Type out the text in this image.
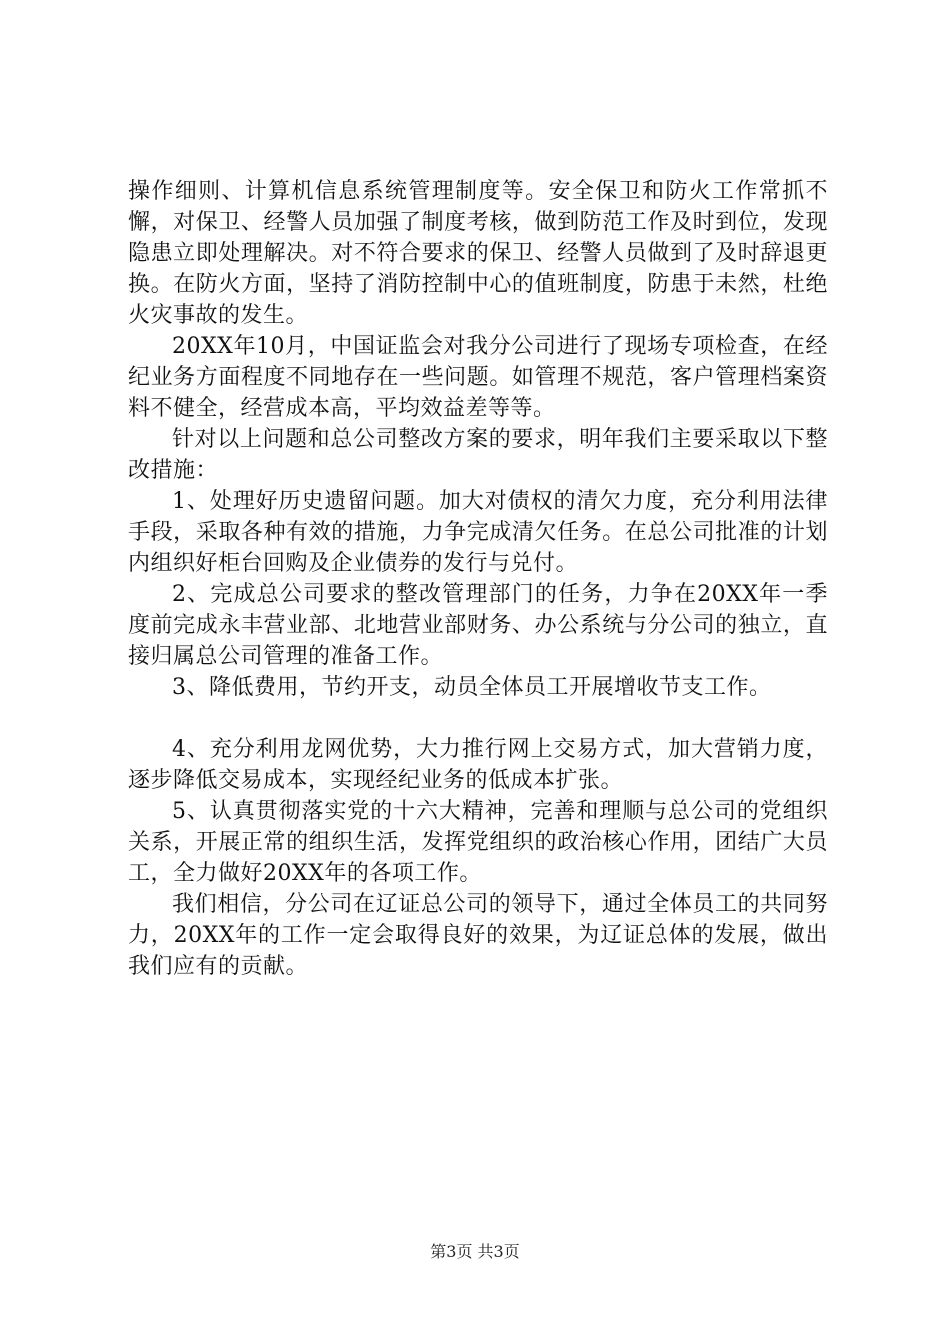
操作细则、计算机信息系统管理制度等。安全保卫和防火工作常抓不懈，对保卫、经警人员加强了制度考核，做到防范工作及时到位，发现隐患立即处理解决。对不符合要求的保卫、经警人员做到了及时辞退更换。在防火方面，坚持了消防控制中心的值班制度，防患于未然，杜绝火灾事故的发生。

20XX年10月，中国证监会对我分公司进行了现场专项检查，在经纪业务方面程度不同地存在一些问题。如管理不规范，客户管理档案资料不健全，经营成本高，平均效益差等等。

针对以上问题和总公司整改方案的要求，明年我们主要采取以下整改措施：

1、处理好历史遗留问题。加大对债权的清欠力度，充分利用法律手段，采取各种有效的措施，力争完成清欠任务。在总公司批准的计划内组织好柜台回购及企业债券的发行与兑付。

2、完成总公司要求的整改管理部门的任务，力争在20XX年一季度前完成永丰营业部、北地营业部财务、办公系统与分公司的独立，直接归属总公司管理的准备工作。

3、降低费用，节约开支，动员全体员工开展增收节支工作。

4、充分利用龙网优势，大力推行网上交易方式，加大营销力度，逐步降低交易成本，实现经纪业务的低成本扩张。

5、认真贯彻落实党的十六大精神，完善和理顺与总公司的党组织关系，开展正常的组织生活，发挥党组织的政治核心作用，团结广大员工，全力做好20XX年的各项工作。

我们相信，分公司在辽证总公司的领导下，通过全体员工的共同努力，20XX年的工作一定会取得良好的效果，为辽证总体的发展，做出我们应有的贡献。

第3页 共3页
